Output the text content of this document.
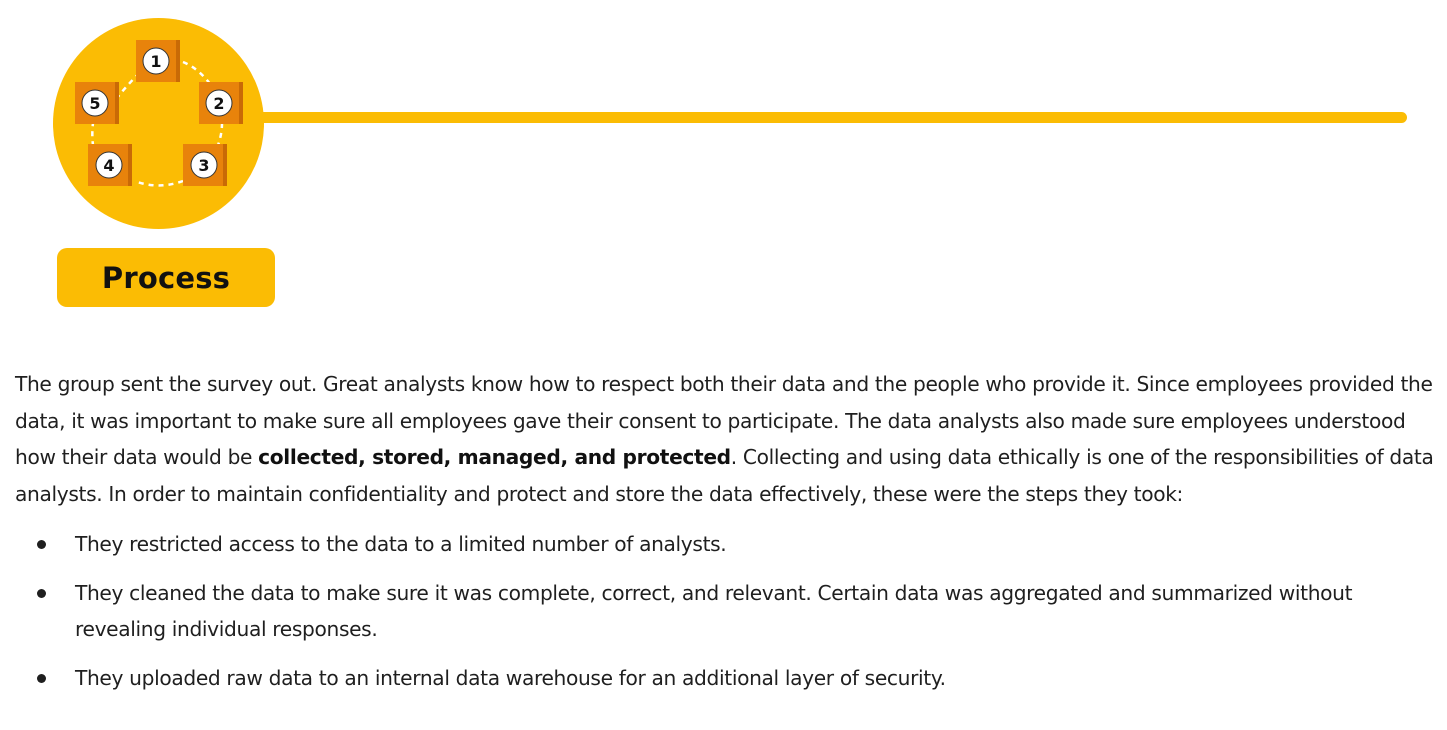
1
2
3
4
5
Process

The group sent the survey out. Great analysts know how to respect both their data and the people who provide it. Since employees provided the data, it was important to make sure all employees gave their consent to participate. The data analysts also made sure employees understood how their data would be collected, stored, managed, and protected. Collecting and using data ethically is one of the responsibilities of data analysts. In order to maintain confidentiality and protect and store the data effectively, these were the steps they took:

They restricted access to the data to a limited number of analysts.
They cleaned the data to make sure it was complete, correct, and relevant. Certain data was aggregated and summarized without revealing individual responses.
They uploaded raw data to an internal data warehouse for an additional layer of security.
